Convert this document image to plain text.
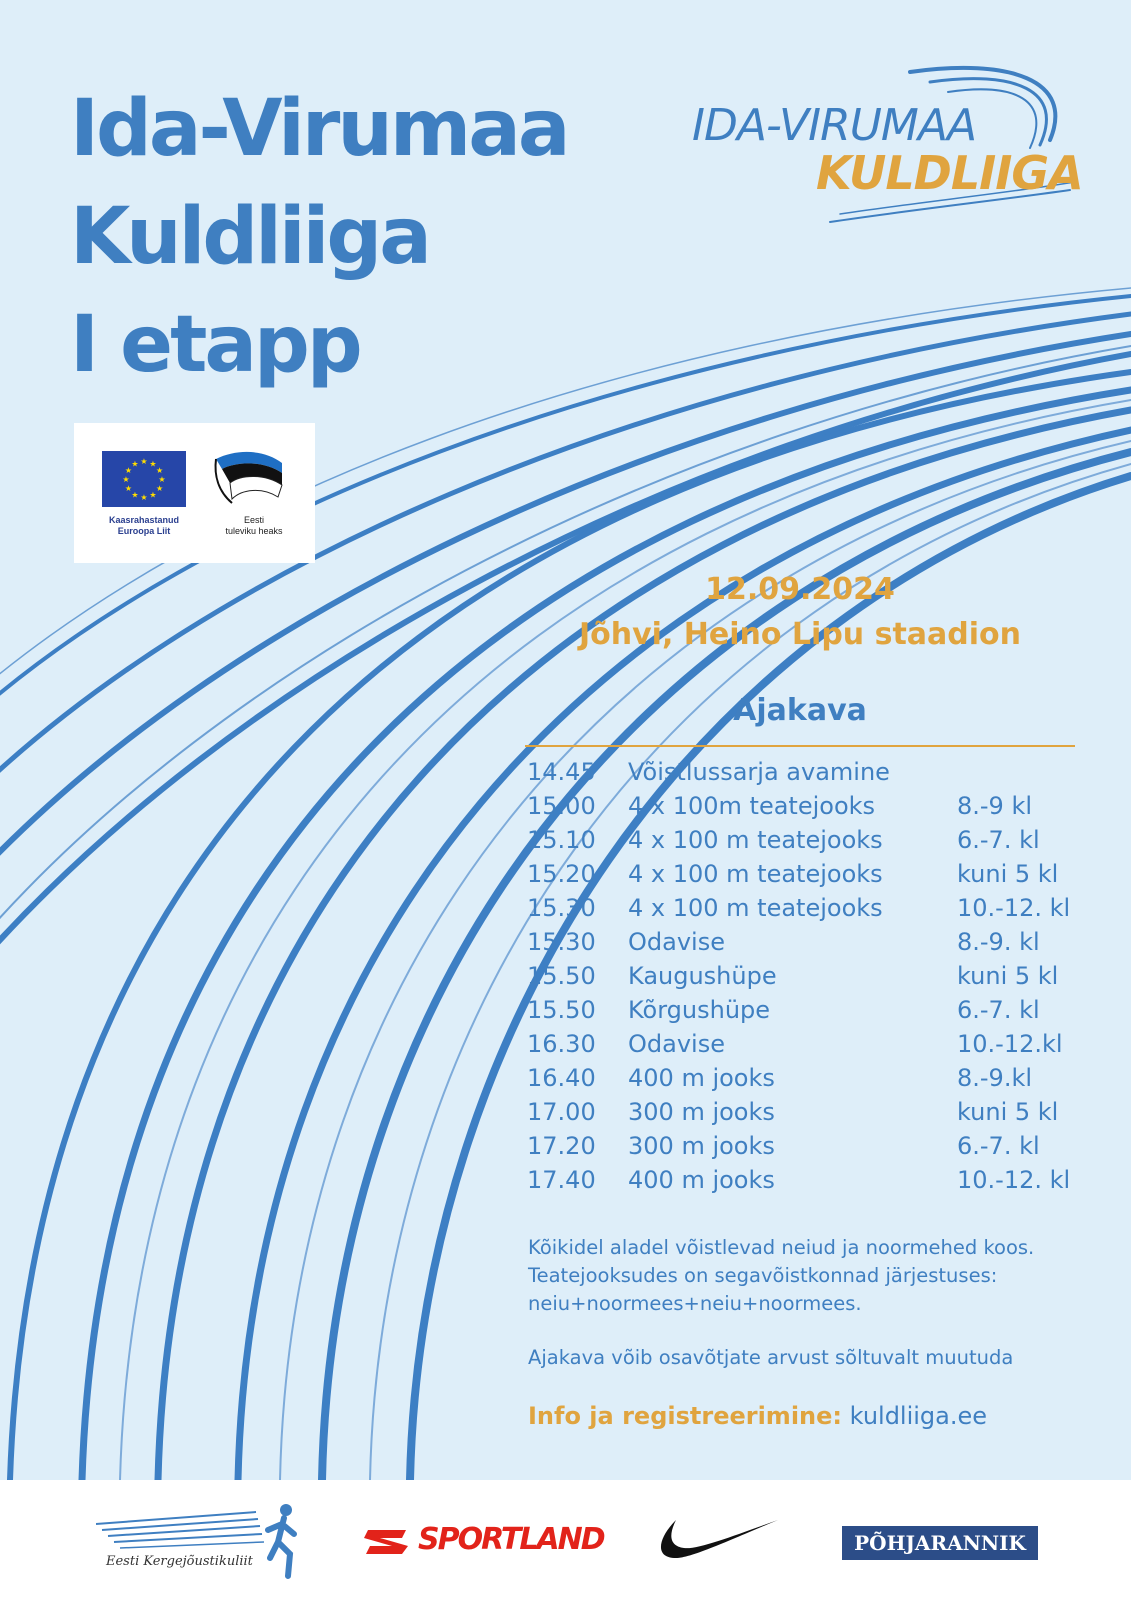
Ida-Virumaa
Kuldliiga
I etapp
IDA-VIRUMAA
KULDLIIGA
★
★
★
★
★
★
★
★
★ ★ ★
★
Kaasrahastanud
Euroopa Liit
Eesti
tuleviku heaks
12.09.2024
Jõhvi, Heino Lipu staadion
Ajakava
14.45 Võistlussarja avamine
15.00 4 x 100m teatejooks	8.-9 kl
15.10 4 x 100 m teatejooks	6.-7. kl
15.20 4 x 100 m teatejooks	kuni 5 kl
15.30 4 x 100 m teatejooks	10.-12. kl
15.30 Odavise	8.-9. kl
15.50 Kaugushüpe	kuni 5 kl
15.50 Kõrgushüpe	6.-7. kl
16.30 Odavise	10.-12.kl
16.40 400 m jooks	8.-9.kl
17.00 300 m jooks	kuni 5 kl
17.20 300 m jooks	6.-7. kl
17.40 400 m jooks	10.-12. kl

Kõikidel aladel võistlevad neiud ja noormehed koos.

Teatejooksudes on segavõistkonnad järjestuses:

neiu+noormees+neiu+noormees.

Ajakava võib osavõtjate arvust sõltuvalt muutuda

Info ja registreerimine: kuldliiga.ee
Eesti Kergejõustikuliit
SPORTLAND	PÕHJARANNIK
